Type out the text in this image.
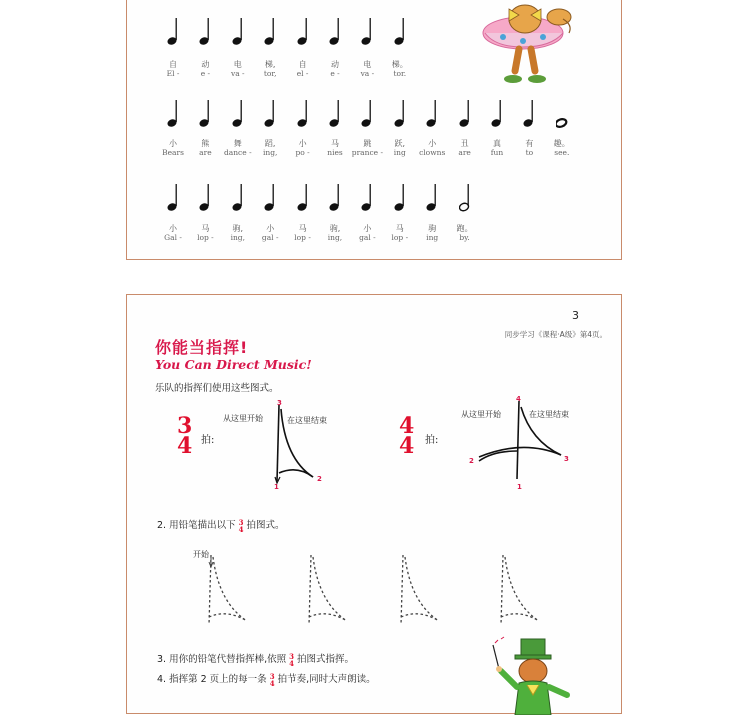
自
El -
动
e -
电
va -
梯,
tor,
自
el -
动
e -
电
va -
梯。
tor.
小
Bears
熊
are
舞
dance -
蹈,
ing,
小
po -
马
nies
跳
prance -
跃,
ing
小
clowns
丑
are
真
fun
有
to
趣。
see.
小
Gal -
马
lop -
驹,
ing,
小
gal -
马
lop -
驹,
ing,
小
gal -
马
lop -
驹
ing
跑。
by.
3
同步学习《课程·A级》第4页。
你能当指挥!
You Can Direct Music!
乐队的指挥们使用这些图式。
3
4 拍:
从这里开始	在这里结束
3
1
2
4
4 拍:
从这里开始	在这里结束
4
2	3
1
2. 用铅笔描出以下 3
4 拍图式。
开始
3. 用你的铅笔代替指挥棒,依照 3
4 拍图式指挥。
4. 指挥第 2 页上的每一条 3
4 拍节奏,同时大声朗读。
